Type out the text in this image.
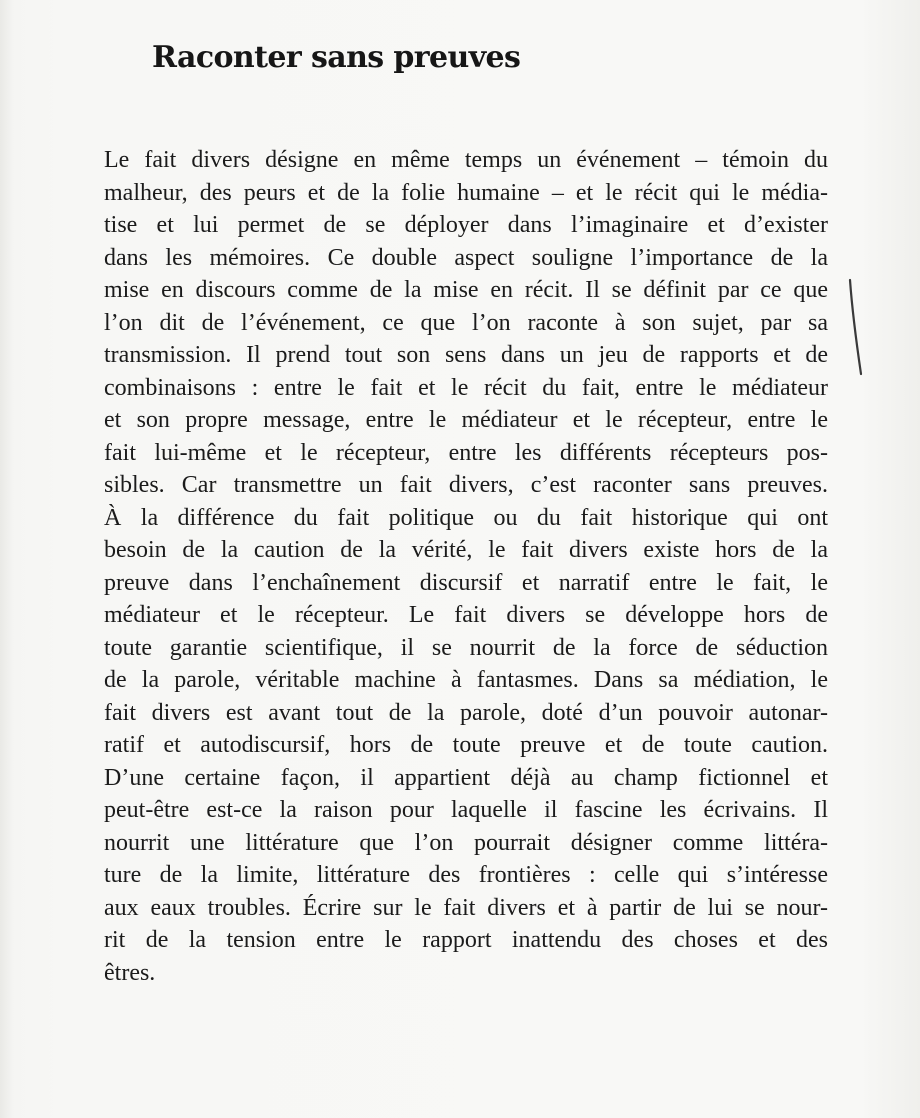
Raconter sans preuves
Le fait divers désigne en même temps un événement – témoin du
malheur, des peurs et de la folie humaine – et le récit qui le média-
tise et lui permet de se déployer dans l’imaginaire et d’exister
dans les mémoires. Ce double aspect souligne l’importance de la
mise en discours comme de la mise en récit. Il se définit par ce que
l’on dit de l’événement, ce que l’on raconte à son sujet, par sa
transmission. Il prend tout son sens dans un jeu de rapports et de
combinaisons : entre le fait et le récit du fait, entre le médiateur
et son propre message, entre le médiateur et le récepteur, entre le
fait lui-même et le récepteur, entre les différents récepteurs pos-
sibles. Car transmettre un fait divers, c’est raconter sans preuves.
À la différence du fait politique ou du fait historique qui ont
besoin de la caution de la vérité, le fait divers existe hors de la
preuve dans l’enchaînement discursif et narratif entre le fait, le
médiateur et le récepteur. Le fait divers se développe hors de
toute garantie scientifique, il se nourrit de la force de séduction
de la parole, véritable machine à fantasmes. Dans sa médiation, le
fait divers est avant tout de la parole, doté d’un pouvoir autonar-
ratif et autodiscursif, hors de toute preuve et de toute caution.
D’une certaine façon, il appartient déjà au champ fictionnel et
peut-être est-ce la raison pour laquelle il fascine les écrivains. Il
nourrit une littérature que l’on pourrait désigner comme littéra-
ture de la limite, littérature des frontières : celle qui s’intéresse
aux eaux troubles. Écrire sur le fait divers et à partir de lui se nour-
rit de la tension entre le rapport inattendu des choses et des
êtres.
